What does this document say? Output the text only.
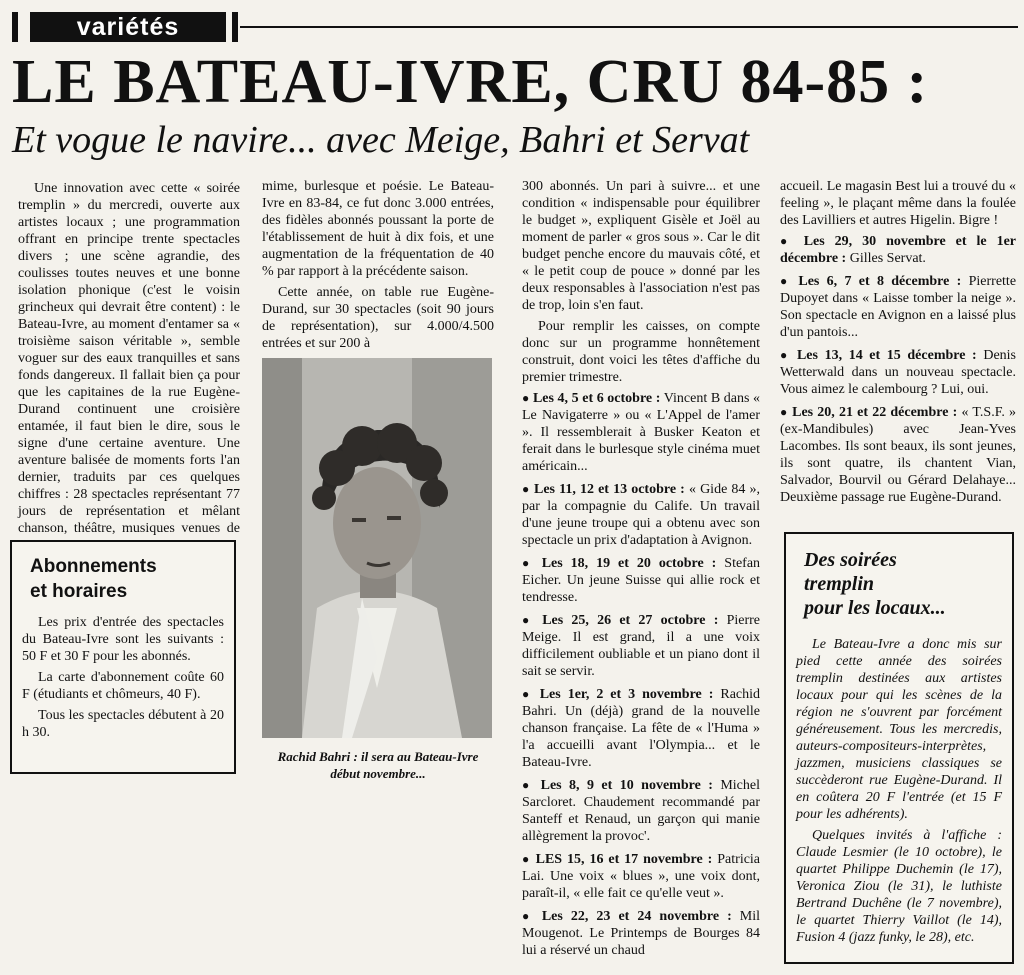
variétés
LE BATEAU-IVRE, CRU 84-85 :
Et vogue le navire... avec Meige, Bahri et Servat

Une innovation avec cette « soirée tremplin » du mercredi, ouverte aux artistes locaux ; une programmation offrant en principe trente spectacles divers ; une scène agrandie, des coulisses toutes neuves et une bonne isolation phonique (c'est le voisin grincheux qui devrait être content) : le Bateau-Ivre, au moment d'entamer sa « troisième saison véritable », semble voguer sur des eaux tranquilles et sans fonds dangereux. Il fallait bien ça pour que les capitaines de la rue Eugène-Durand continuent une croisière entamée, il faut bien le dire, sous le signe d'une certaine aventure. Une aventure balisée de moments forts l'an dernier, traduits par ces quelques chiffres : 28 spectacles représentant 77 jours de représentation et mêlant chanson, théâtre, musiques venues de

Abonnements
et horaires

Les prix d'entrée des spectacles du Bateau-Ivre sont les suivants : 50 F et 30 F pour les abonnés.

La carte d'abonnement coûte 60 F (étudiants et chômeurs, 40 F).

Tous les spectacles débutent à 20 h 30.

mime, burlesque et poésie. Le Bateau-Ivre en 83-84, ce fut donc 3.000 entrées, des fidèles abonnés poussant la porte de l'établissement de huit à dix fois, et une augmentation de la fréquentation de 40 % par rapport à la précédente saison.

Cette année, on table rue Eugène-Durand, sur 30 spectacles (soit 90 jours de représentation), sur 4.000/4.500 entrées et sur 200 à

Rachid Bahri : il sera au Bateau-Ivre début novembre...

300 abonnés. Un pari à suivre... et une condition « indispensable pour équilibrer le budget », expliquent Gisèle et Joël au moment de parler « gros sous ». Car le dit budget penche encore du mauvais côté, et « le petit coup de pouce » donné par les deux responsables à l'association n'est pas de trop, loin s'en faut.

Pour remplir les caisses, on compte donc sur un programme honnêtement construit, dont voici les têtes d'affiche du premier trimestre.

● Les 4, 5 et 6 octobre : Vincent B dans « Le Navigaterre » ou « L'Appel de l'amer ». Il ressemblerait à Busker Keaton et ferait dans le burlesque style cinéma muet américain...

● Les 11, 12 et 13 octobre : « Gide 84 », par la compagnie du Calife. Un travail d'une jeune troupe qui a obtenu avec son spectacle un prix d'adaptation à Avignon.

● Les 18, 19 et 20 octobre : Stefan Eicher. Un jeune Suisse qui allie rock et tendresse.

● Les 25, 26 et 27 octobre : Pierre Meige. Il est grand, il a une voix difficilement oubliable et un piano dont il sait se servir.

● Les 1er, 2 et 3 novembre : Rachid Bahri. Un (déjà) grand de la nouvelle chanson française. La fête de « l'Huma » l'a accueilli avant l'Olympia... et le Bateau-Ivre.

● Les 8, 9 et 10 novembre : Michel Sarcloret. Chaudement recommandé par Santeff et Renaud, un garçon qui manie allègrement la provoc'.

● LES 15, 16 et 17 novembre : Patricia Lai. Une voix « blues », une voix dont, paraît-il, « elle fait ce qu'elle veut ».

● Les 22, 23 et 24 novembre : Mil Mougenot. Le Printemps de Bourges 84 lui a réservé un chaud

accueil. Le magasin Best lui a trouvé du « feeling », le plaçant même dans la foulée des Lavilliers et autres Higelin. Bigre !

● Les 29, 30 novembre et le 1er décembre : Gilles Servat.

● Les 6, 7 et 8 décembre : Pierrette Dupoyet dans « Laisse tomber la neige ». Son spectacle en Avignon en a laissé plus d'un pantois...

● Les 13, 14 et 15 décembre : Denis Wetterwald dans un nouveau spectacle. Vous aimez le calembourg ? Lui, oui.

● Les 20, 21 et 22 décembre : « T.S.F. » (ex-Mandibules) avec Jean-Yves Lacombes. Ils sont beaux, ils sont jeunes, ils sont quatre, ils chantent Vian, Salvador, Bourvil ou Gérard Delahaye... Deuxième passage rue Eugène-Durand.

Des soirées
tremplin
pour les locaux...

Le Bateau-Ivre a donc mis sur pied cette année des soirées tremplin destinées aux artistes locaux pour qui les scènes de la région ne s'ouvrent par forcément généreusement. Tous les mercredis, auteurs-compositeurs-interprètes, jazzmen, musiciens classiques se succèderont rue Eugène-Durand. Il en coûtera 20 F l'entrée (et 15 F pour les adhérents).

Quelques invités à l'affiche : Claude Lesmier (le 10 octobre), le quartet Philippe Duchemin (le 17), Veronica Ziou (le 31), le luthiste Bertrand Duchêne (le 7 novembre), le quartet Thierry Vaillot (le 14), Fusion 4 (jazz funky, le 28), etc.
